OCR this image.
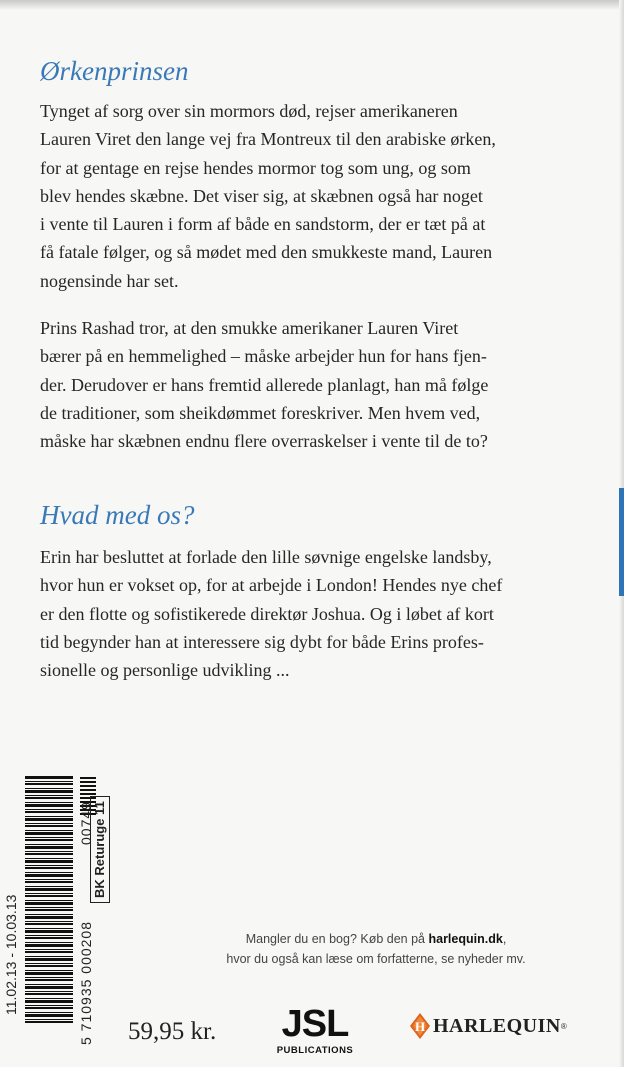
Ørkenprinsen

Tynget af sorg over sin mormors død, rejser amerikaneren
Lauren Viret den lange vej fra Montreux til den arabiske ørken,
for at gentage en rejse hendes mormor tog som ung, og som
blev hendes skæbne. Det viser sig, at skæbnen også har noget
i vente til Lauren i form af både en sandstorm, der er tæt på at
få fatale følger, og så mødet med den smukkeste mand, Lauren
nogensinde har set.

Prins Rashad tror, at den smukke amerikaner Lauren Viret
bærer på en hemmelighed – måske arbejder hun for hans fjen-
der. Derudover er hans fremtid allerede planlagt, han må følge
de traditioner, som sheikdømmet foreskriver. Men hvem ved,
måske har skæbnen endnu flere overraskelser i vente til de to?

Hvad med os?

Erin har besluttet at forlade den lille søvnige engelske landsby,
hvor hun er vokset op, for at arbejde i London! Hendes nye chef
er den flotte og sofistikerede direktør Joshua. Og i løbet af kort
tid begynder han at interessere sig dybt for både Erins profes-
sionelle og personlige udvikling ...

11.02.13 - 10.03.13	5 710935 000208
00749
BK Returuge 11

Mangler du en bog? Køb den på harlequin.dk,

hvor du også kan læse om forfatterne, se nyheder mv.

59,95 kr.	JSL
PUBLICATIONS
H HARLEQUIN ®
